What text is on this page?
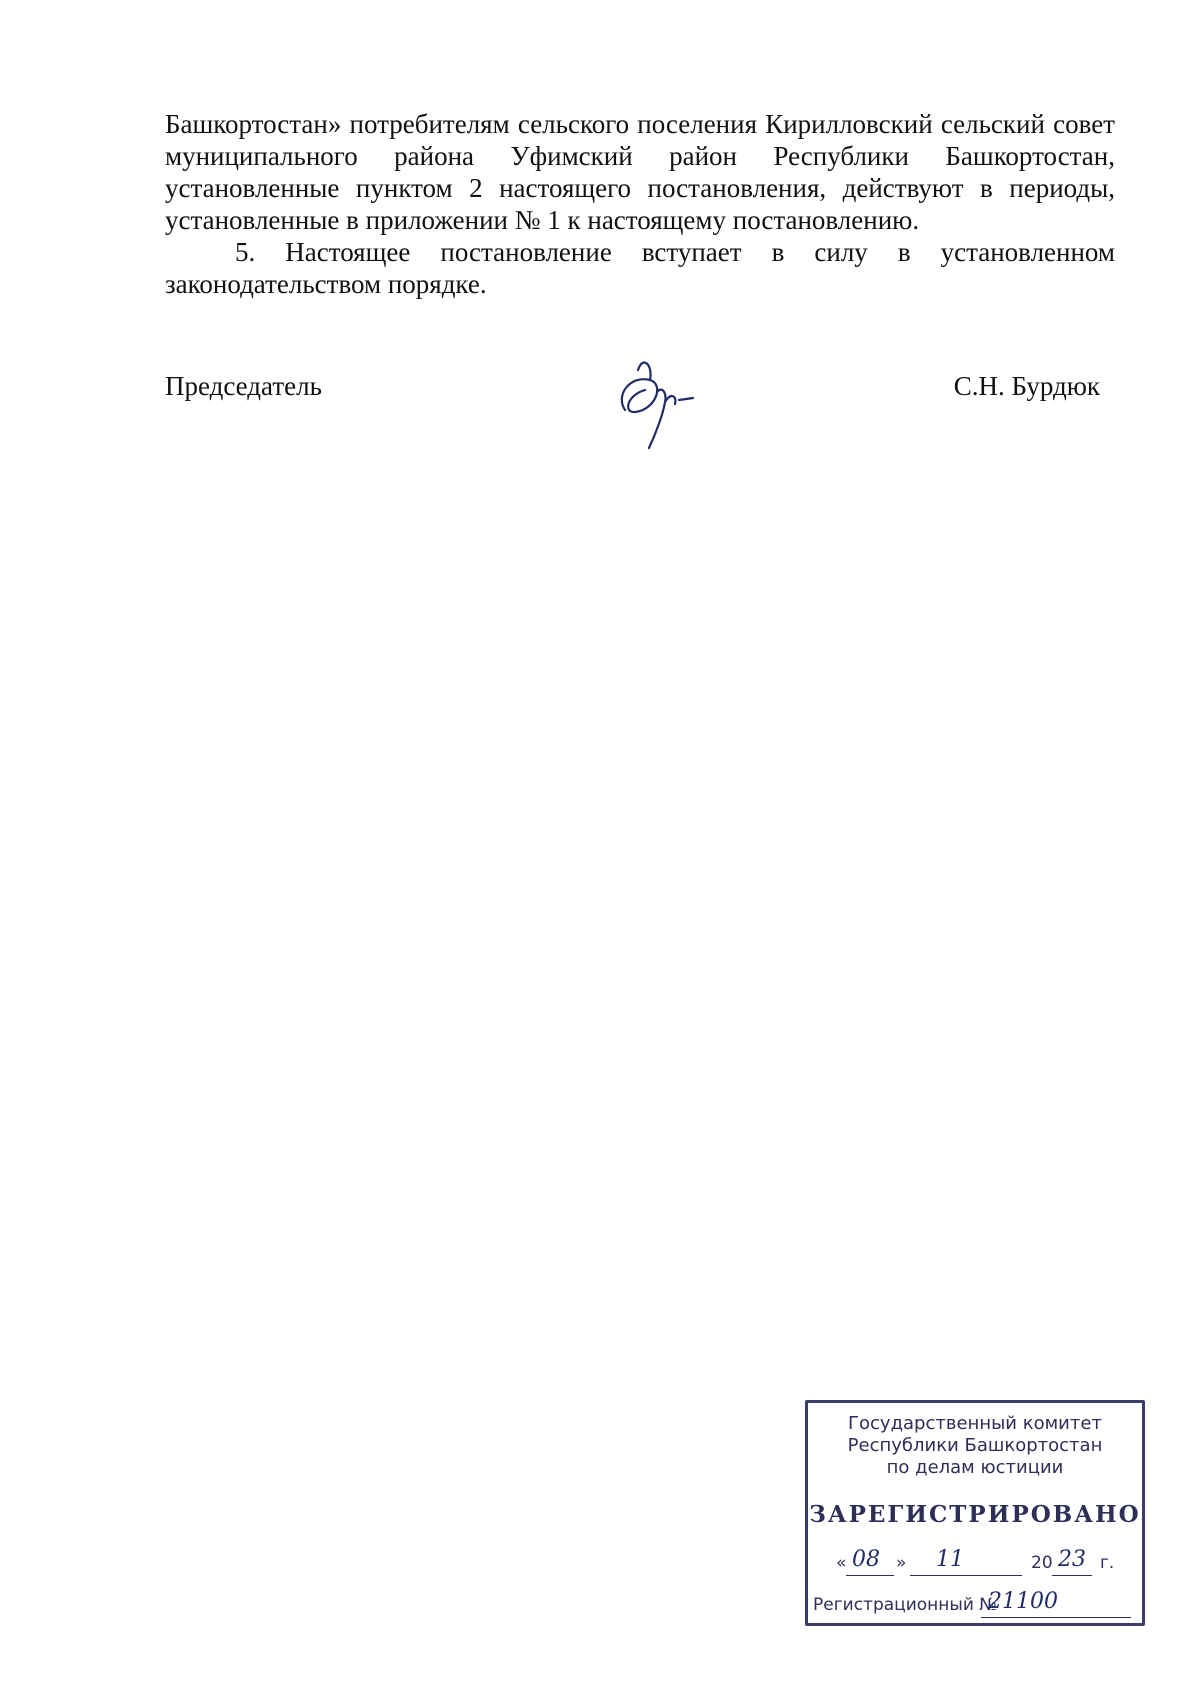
Башкортостан» потребителям сельского поселения Кирилловский сельский совет муниципального района Уфимский район Республики Башкортостан, установленные пунктом 2 настоящего постановления, действуют в периоды, установленные в приложении № 1 к настоящему постановлению.

5. Настоящее постановление вступает в силу в установленном законодательством порядке.

Председатель	С.Н. Бурдюк
Государственный комитет
Республики Башкортостан
по делам юстиции
ЗАРЕГИСТРИРОВАНО
« 08 » 11	20 23 г.
Регистрационный №
21100
